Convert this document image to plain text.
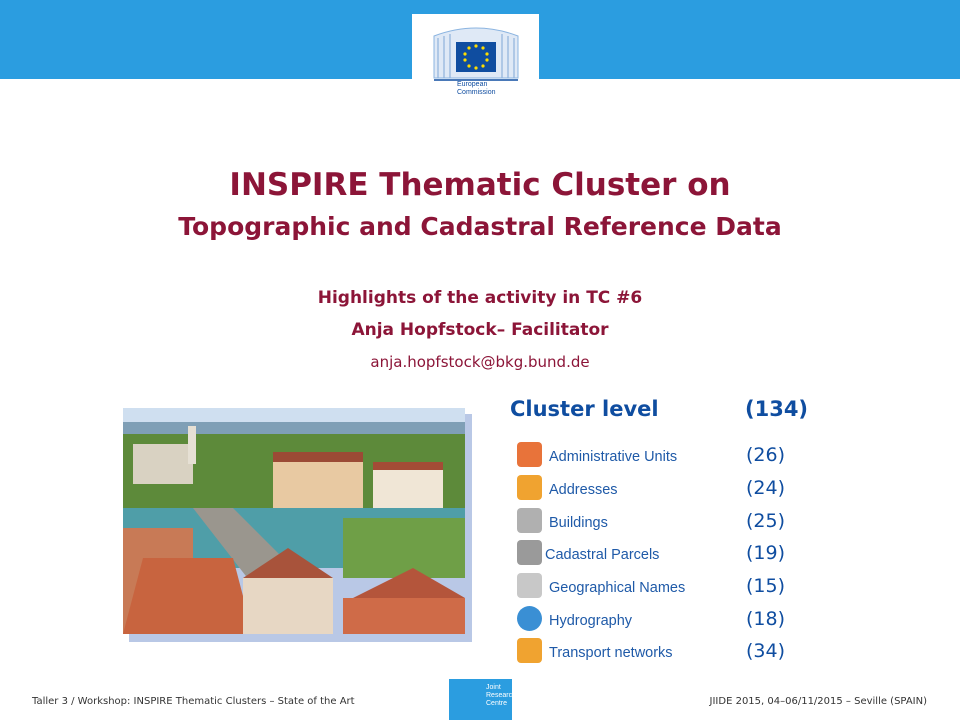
European Commission
INSPIRE Thematic Cluster on
Topographic and Cadastral Reference Data
Highlights of the activity in TC #6
Anja Hopfstock– Facilitator
anja.hopfstock@bkg.bund.de
Cluster level	(134)
Administrative Units	(26)
Addresses	(24)
Buildings	(25)
Cadastral Parcels	(19)
Geographical Names	(15)
Hydrography	(18)
Transport networks	(34)
Taller 3 / Workshop: INSPIRE Thematic Clusters – State of the Art
Joint Research Centre	JIIDE 2015, 04–06/11/2015 – Seville (SPAIN)
